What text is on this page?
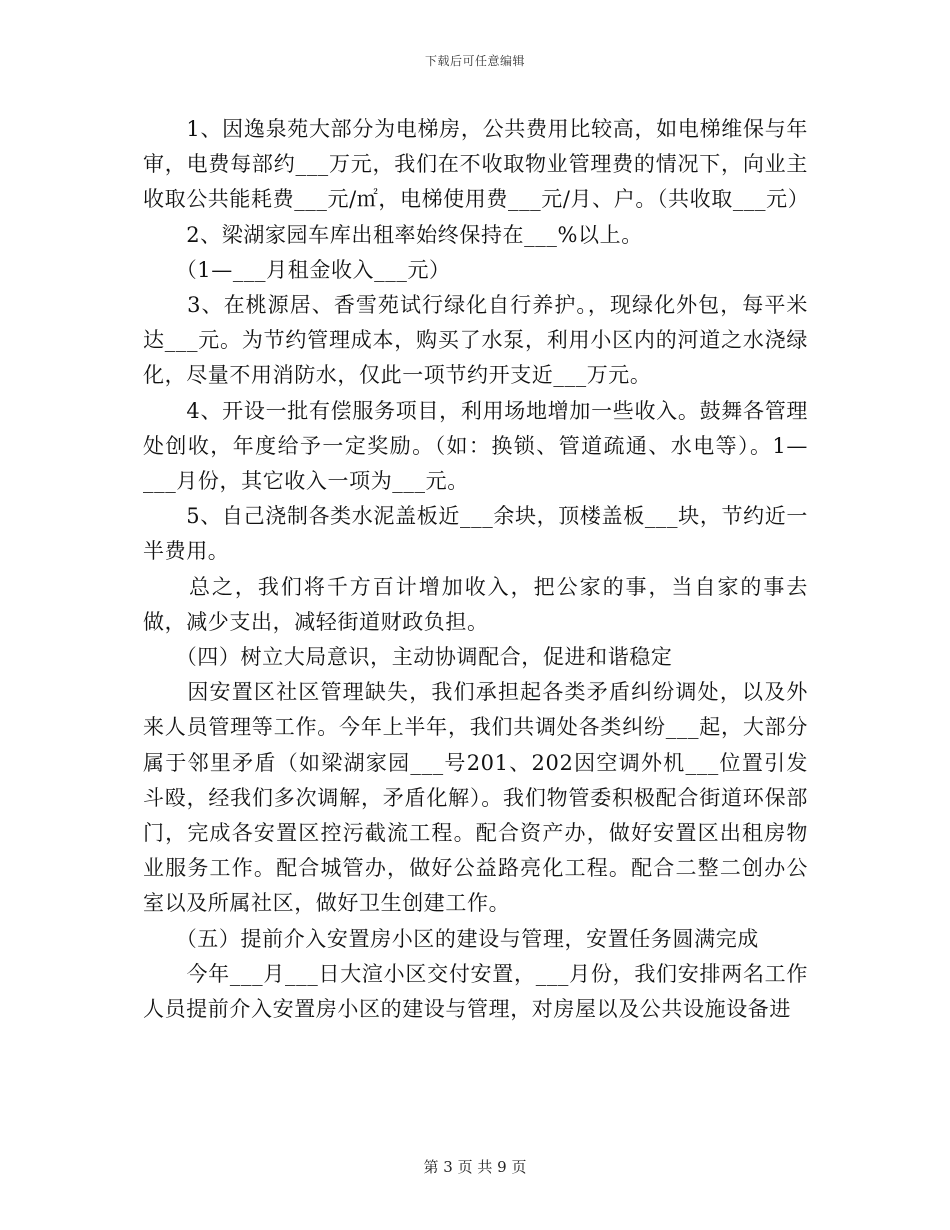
下载后可任意编辑

　　1、因逸泉苑大部分为电梯房，公共费用比较高，如电梯维保与年审，电费每部约___万元，我们在不收取物业管理费的情况下，向业主收取公共能耗费___元/㎡，电梯使用费___元/月、户。（共收取___元）

　　2、梁湖家园车库出租率始终保持在___%以上。

　　（1—___月租金收入___元）

　　3、在桃源居、香雪苑试行绿化自行养护。，现绿化外包，每平米达___元。为节约管理成本，购买了水泵，利用小区内的河道之水浇绿化，尽量不用消防水，仅此一项节约开支近___万元。

　　4、开设一批有偿服务项目，利用场地增加一些收入。鼓舞各管理处创收，年度给予一定奖励。（如：换锁、管道疏通、水电等）。1—___月份，其它收入一项为___元。

　　5、自己浇制各类水泥盖板近___余块，顶楼盖板___块，节约近一半费用。

　　总之，我们将千方百计增加收入，把公家的事，当自家的事去做，减少支出，减轻街道财政负担。

　　（四）树立大局意识，主动协调配合，促进和谐稳定

　　因安置区社区管理缺失，我们承担起各类矛盾纠纷调处，以及外来人员管理等工作。今年上半年，我们共调处各类纠纷___起，大部分属于邻里矛盾（如梁湖家园___号201、202因空调外机___位置引发斗殴，经我们多次调解，矛盾化解）。我们物管委积极配合街道环保部门，完成各安置区控污截流工程。配合资产办，做好安置区出租房物业服务工作。配合城管办，做好公益路亮化工程。配合二整二创办公室以及所属社区，做好卫生创建工作。

　　（五）提前介入安置房小区的建设与管理，安置任务圆满完成

　　今年___月___日大渲小区交付安置，___月份，我们安排两名工作人员提前介入安置房小区的建设与管理，对房屋以及公共设施设备进

第 3 页 共 9 页
